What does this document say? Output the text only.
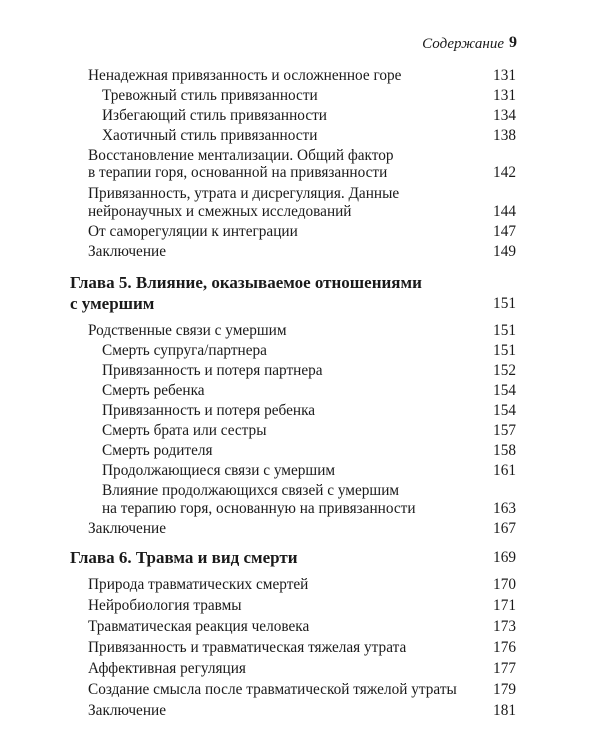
Содержание 9
Ненадежная привязанность и осложненное горе	131
Тревожный стиль привязанности	131
Избегающий стиль привязанности	134
Хаотичный стиль привязанности	138
Восстановление ментализации. Общий фактор
в терапии горя, основанной на привязанности	142
Привязанность, утрата и дисрегуляция. Данные
нейронаучных и смежных исследований	144
От саморегуляции к интеграции	147
Заключение	149
Глава 5. Влияние, оказываемое отношениями
с умершим	151
Родственные связи с умершим	151
Смерть супруга/партнера	151
Привязанность и потеря партнера	152
Смерть ребенка	154
Привязанность и потеря ребенка	154
Смерть брата или сестры	157
Смерть родителя	158
Продолжающиеся связи с умершим	161
Влияние продолжающихся связей с умершим
на терапию горя, основанную на привязанности	163
Заключение	167
Глава 6. Травма и вид смерти	169
Природа травматических смертей	170
Нейробиология травмы	171
Травматическая реакция человека	173
Привязанность и травматическая тяжелая утрата	176
Аффективная регуляция	177
Создание смысла после травматической тяжелой утраты 179
Заключение	181
